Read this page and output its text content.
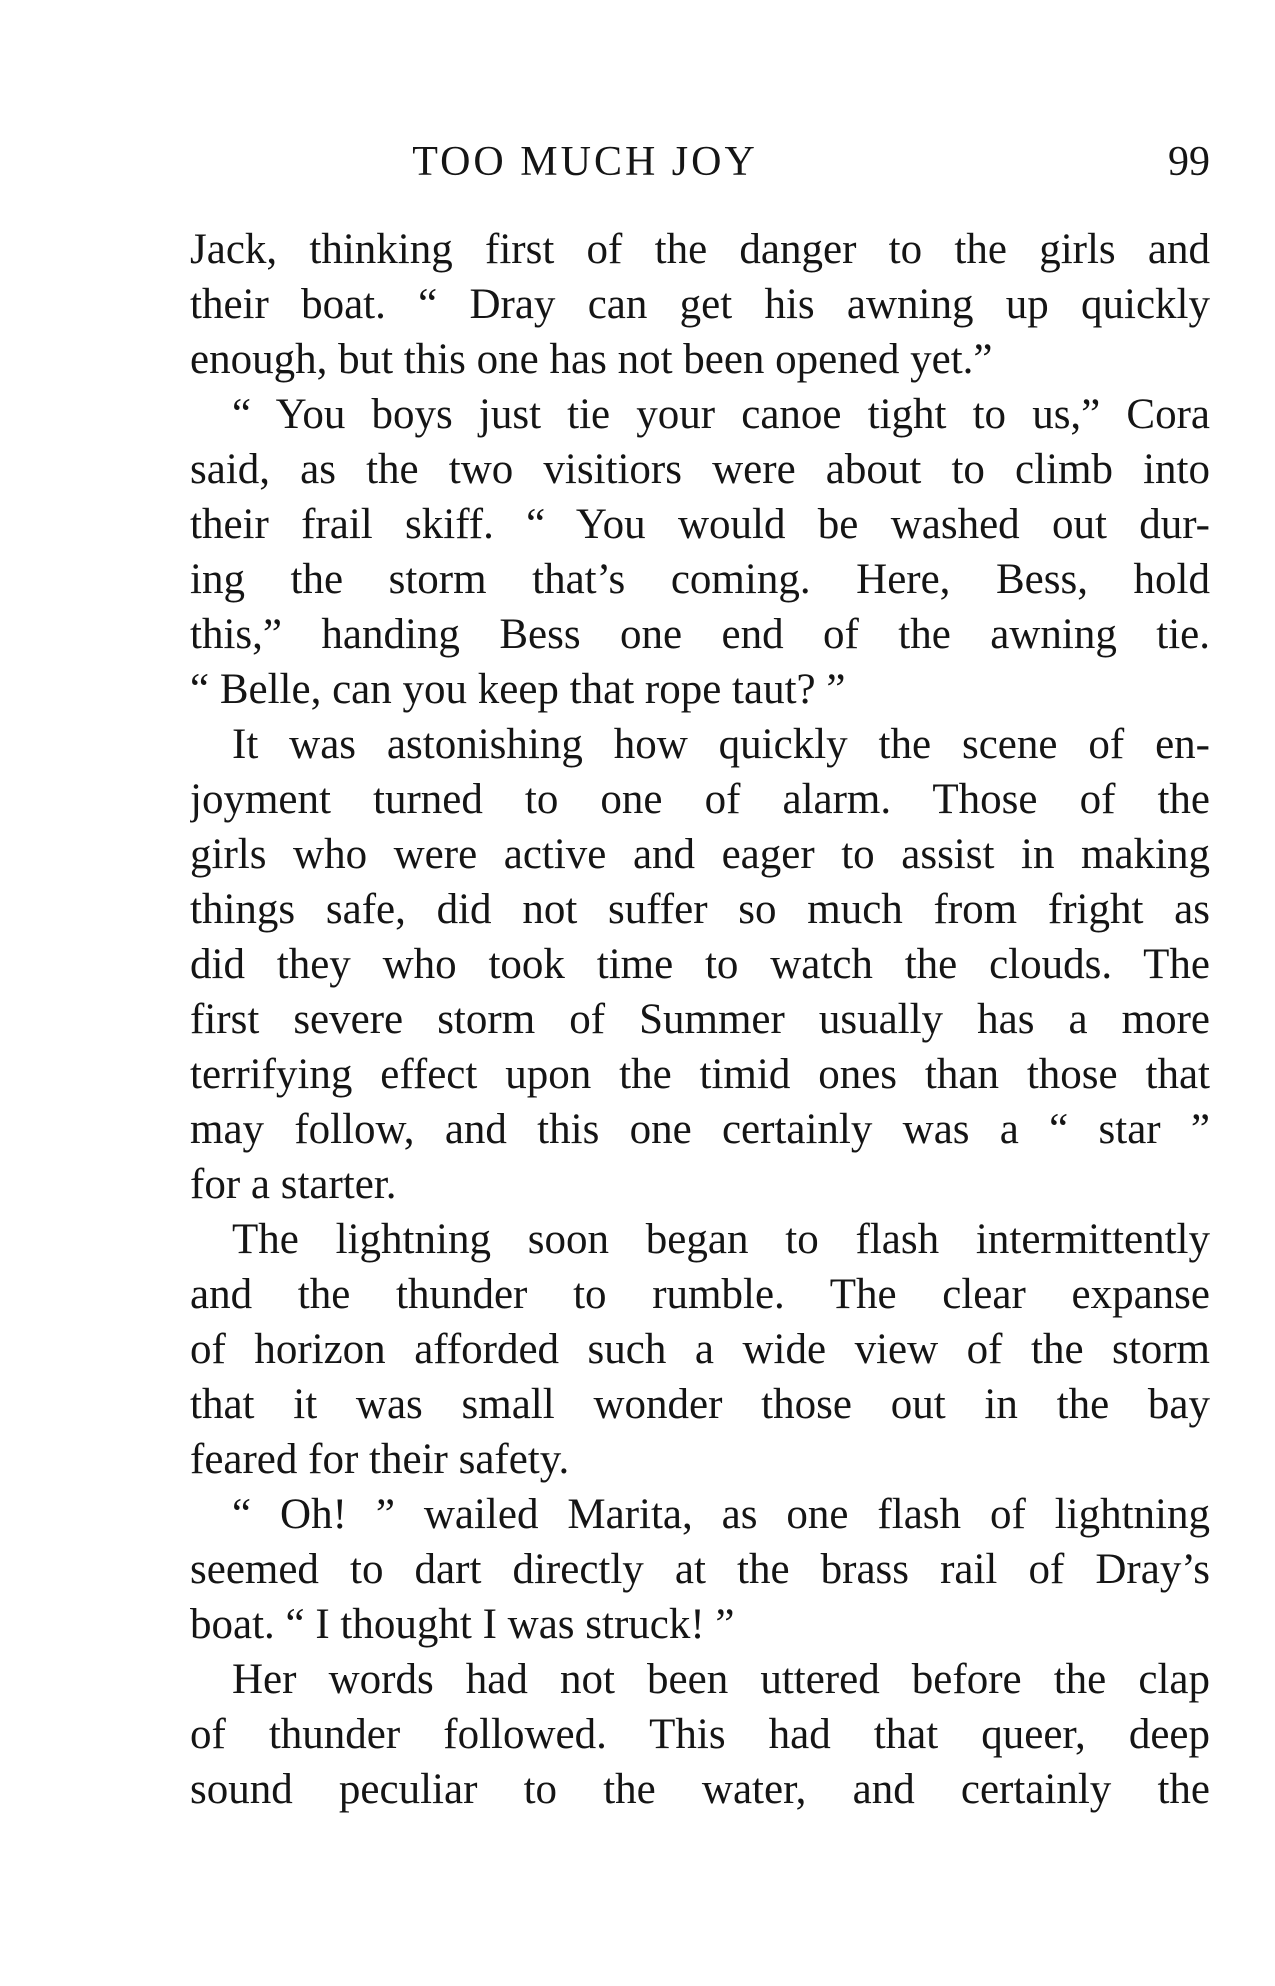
TOO MUCH JOY	99
Jack, thinking first of the danger to the girls and
their boat. “ Dray can get his awning up quickly
enough, but this one has not been opened yet.”
“ You boys just tie your canoe tight to us,” Cora
said, as the two visitiors were about to climb into
their frail skiff. “ You would be washed out dur-
ing the storm that’s coming. Here, Bess, hold
this,” handing Bess one end of the awning tie.
“ Belle, can you keep that rope taut? ”
It was astonishing how quickly the scene of en-
joyment turned to one of alarm. Those of the
girls who were active and eager to assist in making
things safe, did not suffer so much from fright as
did they who took time to watch the clouds. The
first severe storm of Summer usually has a more
terrifying effect upon the timid ones than those that
may follow, and this one certainly was a “ star ”
for a starter.
The lightning soon began to flash intermittently
and the thunder to rumble. The clear expanse
of horizon afforded such a wide view of the storm
that it was small wonder those out in the bay
feared for their safety.
“ Oh! ” wailed Marita, as one flash of lightning
seemed to dart directly at the brass rail of Dray’s
boat. “ I thought I was struck! ”
Her words had not been uttered before the clap
of thunder followed. This had that queer, deep
sound peculiar to the water, and certainly the
